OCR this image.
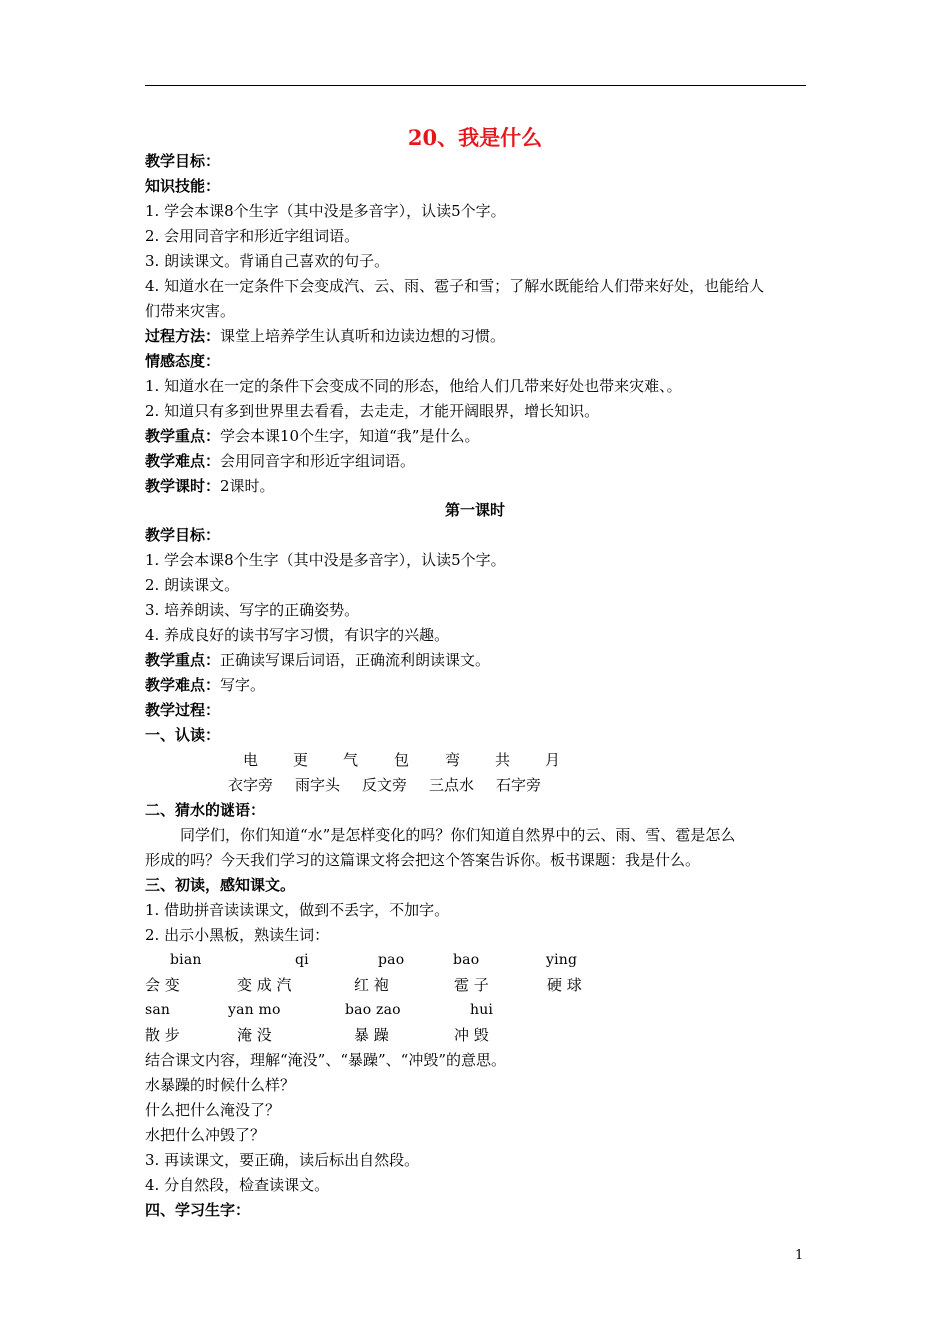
20、我是什么
教学目标：
知识技能：
1. 学会本课8个生字（其中没是多音字），认读5个字。
2. 会用同音字和形近字组词语。
3. 朗读课文。背诵自己喜欢的句子。
4. 知道水在一定条件下会变成汽、云、雨、雹子和雪；了解水既能给人们带来好处，也能给人
们带来灾害。
过程方法：课堂上培养学生认真听和边读边想的习惯。
情感态度：
1. 知道水在一定的条件下会变成不同的形态，他给人们几带来好处也带来灾难、。
2. 知道只有多到世界里去看看，去走走，才能开阔眼界，增长知识。
教学重点：学会本课10个生字，知道“我”是什么。
教学难点：会用同音字和形近字组词语。
教学课时：2课时。
第一课时
教学目标：
1. 学会本课8个生字（其中没是多音字），认读5个字。
2. 朗读课文。
3. 培养朗读、写字的正确姿势。
4. 养成良好的读书写字习惯，有识字的兴趣。
教学重点：正确读写课后词语，正确流利朗读课文。
教学难点：写字。
教学过程：
一、认读：
电 更 气 包 弯 共 月
衣字旁 雨字头 反文旁 三点水 石字旁
二、猜水的谜语：
同学们，你们知道“水”是怎样变化的吗？你们知道自然界中的云、雨、雪、雹是怎么
形成的吗？今天我们学习的这篇课文将会把这个答案告诉你。板书课题：我是什么。
三、初读，感知课文。
1. 借助拼音读读课文，做到不丢字，不加字。
2. 出示小黑板，熟读生词：
bian	qi	pao	bao	ying
会 变	变 成 汽	红 袍	雹 子	硬 球
san	yan mo	bao zao	hui
散 步	淹 没	暴 躁	冲 毁
结合课文内容，理解“淹没”、“暴躁”、“冲毁”的意思。
水暴躁的时候什么样？
什么把什么淹没了？
水把什么冲毁了？
3. 再读课文，要正确，读后标出自然段。
4. 分自然段，检查读课文。
四、学习生字：
1
